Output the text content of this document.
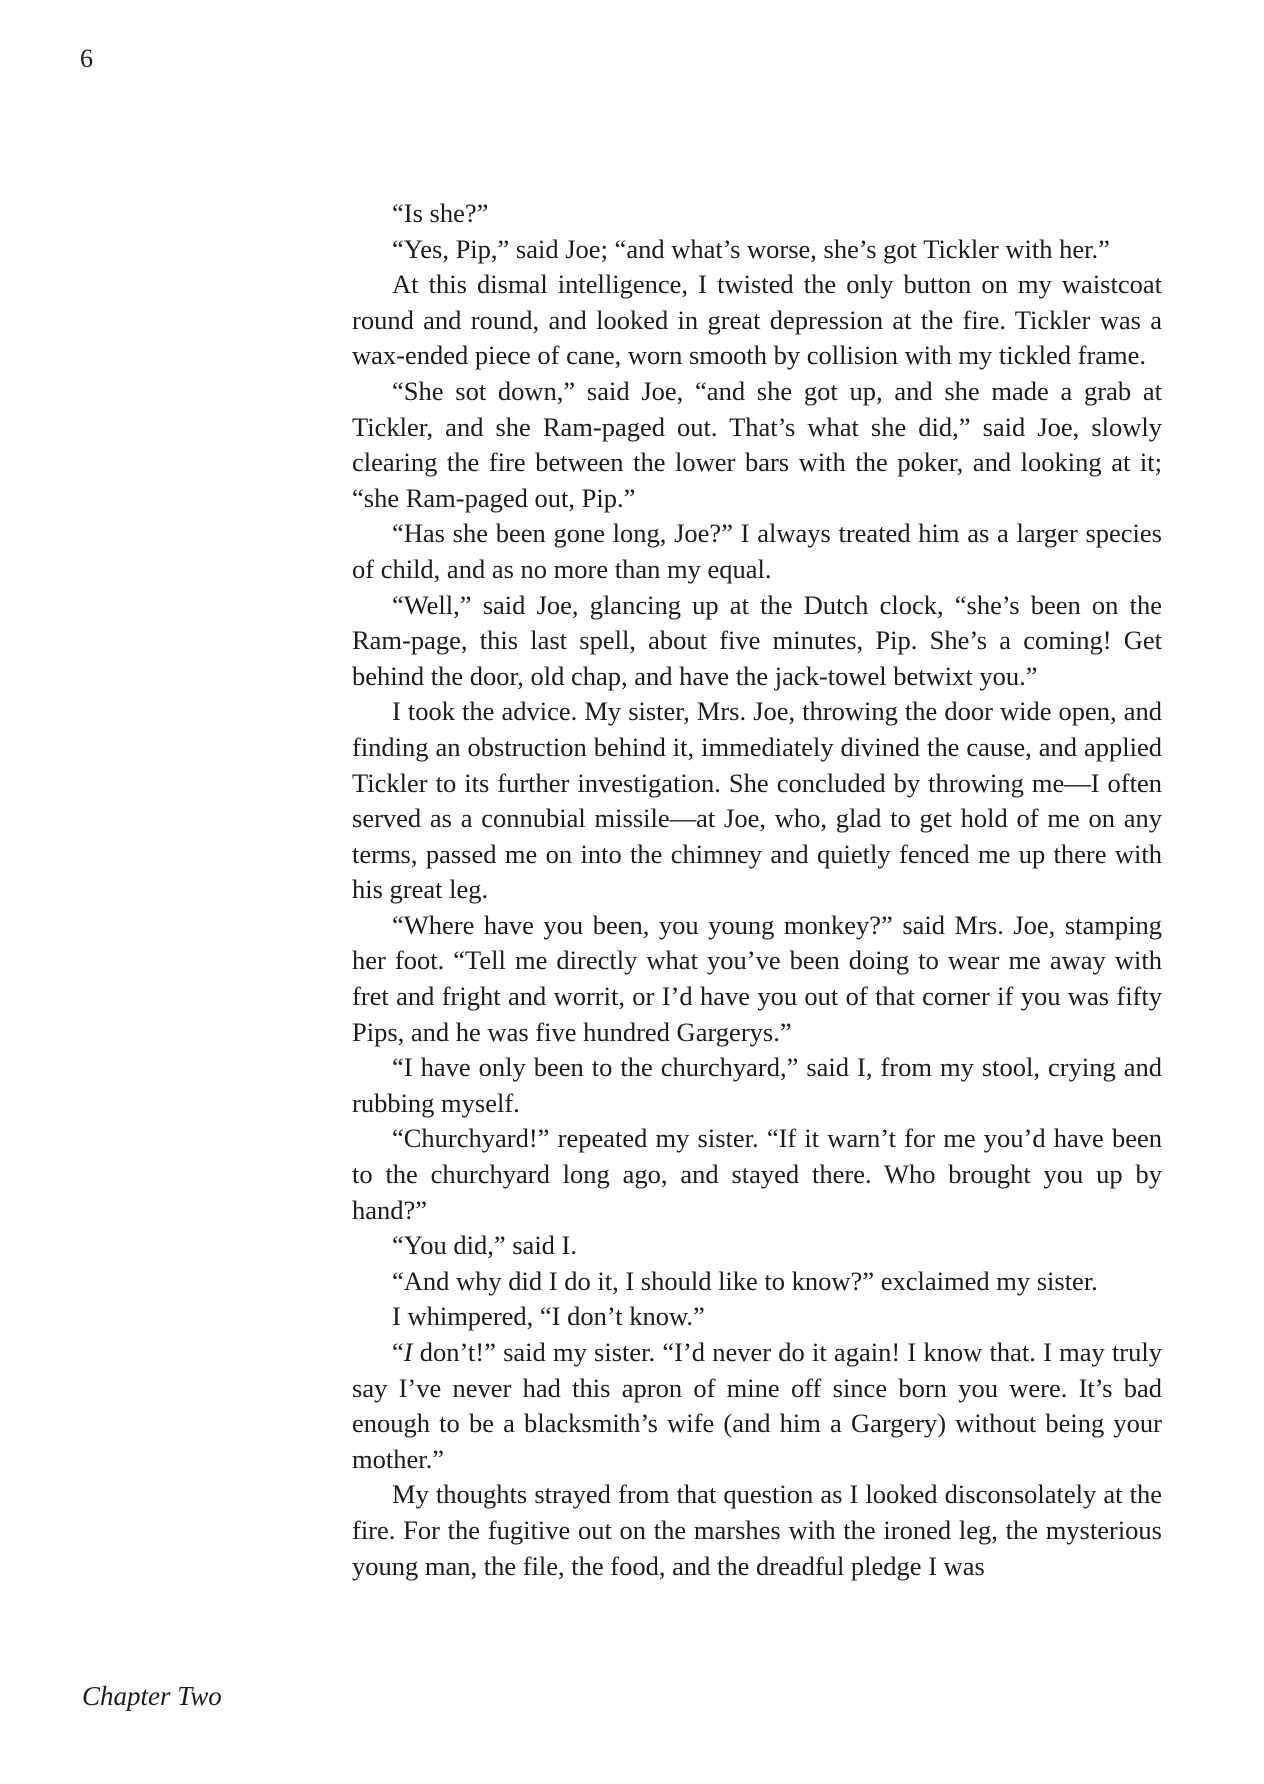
6

“Is she?”

“Yes, Pip,” said Joe; “and what’s worse, she’s got Tickler with her.”

At this dismal intelligence, I twisted the only button on my waistcoat round and round, and looked in great depression at the fire. Tickler was a wax-ended piece of cane, worn smooth by collision with my tickled frame.

“She sot down,” said Joe, “and she got up, and she made a grab at Tickler, and she Ram-paged out. That’s what she did,” said Joe, slowly clearing the fire between the lower bars with the poker, and looking at it; “she Ram-paged out, Pip.”

“Has she been gone long, Joe?” I always treated him as a larger species of child, and as no more than my equal.

“Well,” said Joe, glancing up at the Dutch clock, “she’s been on the Ram-page, this last spell, about five minutes, Pip. She’s a coming! Get behind the door, old chap, and have the jack-towel betwixt you.”

I took the advice. My sister, Mrs. Joe, throwing the door wide open, and finding an obstruction behind it, immediately divined the cause, and applied Tickler to its further investigation. She concluded by throwing me—I often served as a connubial missile—at Joe, who, glad to get hold of me on any terms, passed me on into the chimney and quietly fenced me up there with his great leg.

“Where have you been, you young monkey?” said Mrs. Joe, stamping her foot. “Tell me directly what you’ve been doing to wear me away with fret and fright and worrit, or I’d have you out of that corner if you was fifty Pips, and he was five hundred Gargerys.”

“I have only been to the churchyard,” said I, from my stool, crying and rubbing myself.

“Churchyard!” repeated my sister. “If it warn’t for me you’d have been to the churchyard long ago, and stayed there. Who brought you up by hand?”

“You did,” said I.

“And why did I do it, I should like to know?” exclaimed my sister.

I whimpered, “I don’t know.”

“I don’t!” said my sister. “I’d never do it again! I know that. I may truly say I’ve never had this apron of mine off since born you were. It’s bad enough to be a blacksmith’s wife (and him a Gargery) without being your mother.”

My thoughts strayed from that question as I looked disconsolately at the fire. For the fugitive out on the marshes with the ironed leg, the mysterious young man, the file, the food, and the dreadful pledge I was

Chapter Two
